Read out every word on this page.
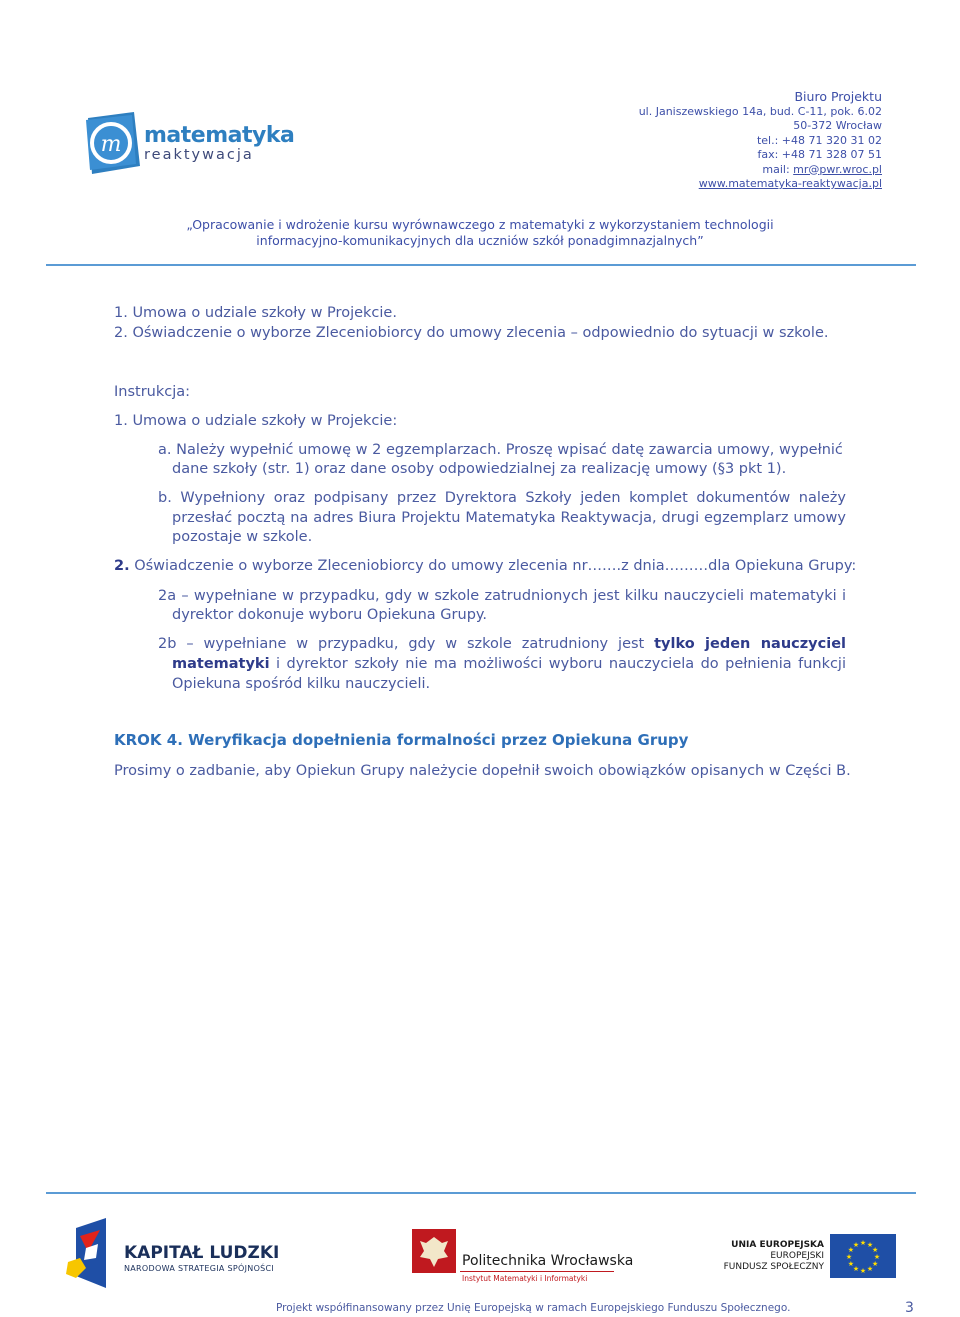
m matematyka
reaktywacja
Biuro Projektu
ul. Janiszewskiego 14a, bud. C-11, pok. 6.02
50-372 Wrocław
tel.: +48 71 320 31 02
fax: +48 71 328 07 51
mail: mr@pwr.wroc.pl
www.matematyka-reaktywacja.pl
„Opracowanie i wdrożenie kursu wyrównawczego z matematyki z wykorzystaniem technologii
informacyjno-komunikacyjnych dla uczniów szkół ponadgimnazjalnych”
1. Umowa o udziale szkoły w Projekcie.
2. Oświadczenie o wyborze Zleceniobiorcy do umowy zlecenia – odpowiednio do sytuacji w szkole.
Instrukcja:
1. Umowa o udziale szkoły w Projekcie:
a. Należy wypełnić umowę w 2 egzemplarzach. Proszę wpisać datę zawarcia umowy, wypełnić
dane szkoły (str. 1) oraz dane osoby odpowiedzialnej za realizację umowy (§3 pkt 1).
b. Wypełniony oraz podpisany przez Dyrektora Szkoły jeden komplet dokumentów należy
przesłać pocztą na adres Biura Projektu Matematyka Reaktywacja, drugi egzemplarz umowy
pozostaje w szkole.
2. Oświadczenie o wyborze Zleceniobiorcy do umowy zlecenia nr…….z dnia………dla Opiekuna Grupy:
2a – wypełniane w przypadku, gdy w szkole zatrudnionych jest kilku nauczycieli matematyki i
dyrektor dokonuje wyboru Opiekuna Grupy.
2b – wypełniane w przypadku, gdy w szkole zatrudniony jest tylko jeden nauczyciel
matematyki i dyrektor szkoły nie ma możliwości wyboru nauczyciela do pełnienia funkcji
Opiekuna spośród kilku nauczycieli.
KROK 4. Weryfikacja dopełnienia formalności przez Opiekuna Grupy
Prosimy o zadbanie, aby Opiekun Grupy należycie dopełnił swoich obowiązków opisanych w Części B.
KAPITAŁ LUDZKI
NARODOWA STRATEGIA SPÓJNOŚCI	Politechnika Wrocławska
Instytut Matematyki i Informatyki
UNIA EUROPEJSKA
EUROPEJSKI
FUNDUSZ SPOŁECZNY
★
★
★
★
★
★
★
★
★ ★ ★
★
Projekt współfinansowany przez Unię Europejską w ramach Europejskiego Funduszu Społecznego.	3
